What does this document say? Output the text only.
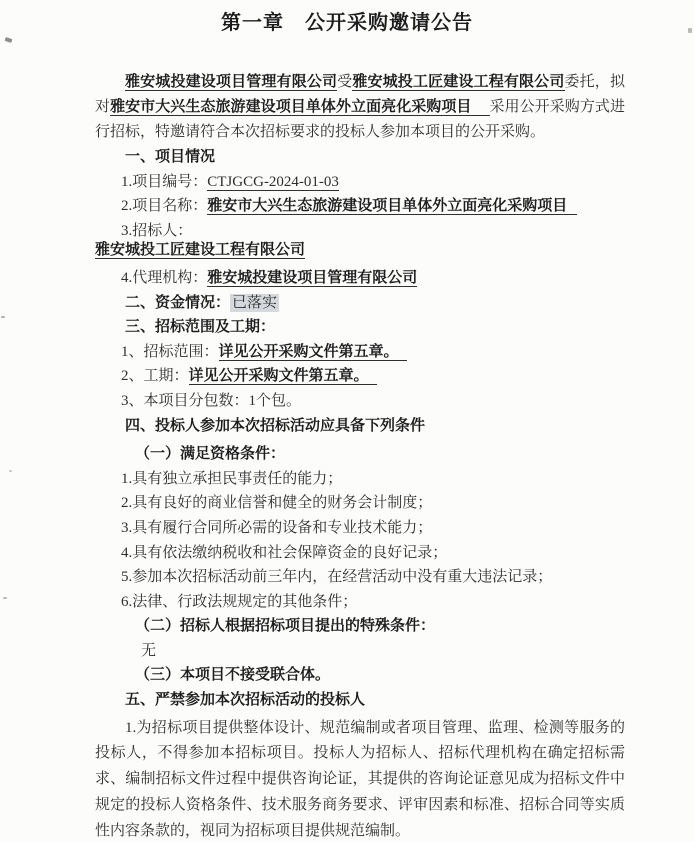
第一章　公开采购邀请公告

雅安城投建设项目管理有限公司受雅安城投工匠建设工程有限公司委托，拟对雅安市大兴生态旅游建设项目单体外立面亮化采购项目 采用公开采购方式进行招标，特邀请符合本次招标要求的投标人参加本项目的公开采购。

一、项目情况
1.项目编号：CTJGCG-2024-01-03
2.项目名称：雅安市大兴生态旅游建设项目单体外立面亮化采购项目
3.招标人：
雅安城投工匠建设工程有限公司
4.代理机构：雅安城投建设项目管理有限公司
二、资金情况： 已落实
三、招标范围及工期：
1、招标范围：详见公开采购文件第五章。
2、工期：详见公开采购文件第五章。
3、本项目分包数：1个包。
四、投标人参加本次招标活动应具备下列条件
（一）满足资格条件：
1.具有独立承担民事责任的能力；
2.具有良好的商业信誉和健全的财务会计制度；
3.具有履行合同所必需的设备和专业技术能力；
4.具有依法缴纳税收和社会保障资金的良好记录；
5.参加本次招标活动前三年内，在经营活动中没有重大违法记录；
6.法律、行政法规规定的其他条件；
（二）招标人根据招标项目提出的特殊条件：
无
（三）本项目不接受联合体。
五、严禁参加本次招标活动的投标人

1.为招标项目提供整体设计、规范编制或者项目管理、监理、检测等服务的投标人，不得参加本招标项目。投标人为招标人、招标代理机构在确定招标需求、编制招标文件过程中提供咨询论证，其提供的咨询论证意见成为招标文件中规定的投标人资格条件、技术服务商务要求、评审因素和标准、招标合同等实质性内容条款的，视同为招标项目提供规范编制。
